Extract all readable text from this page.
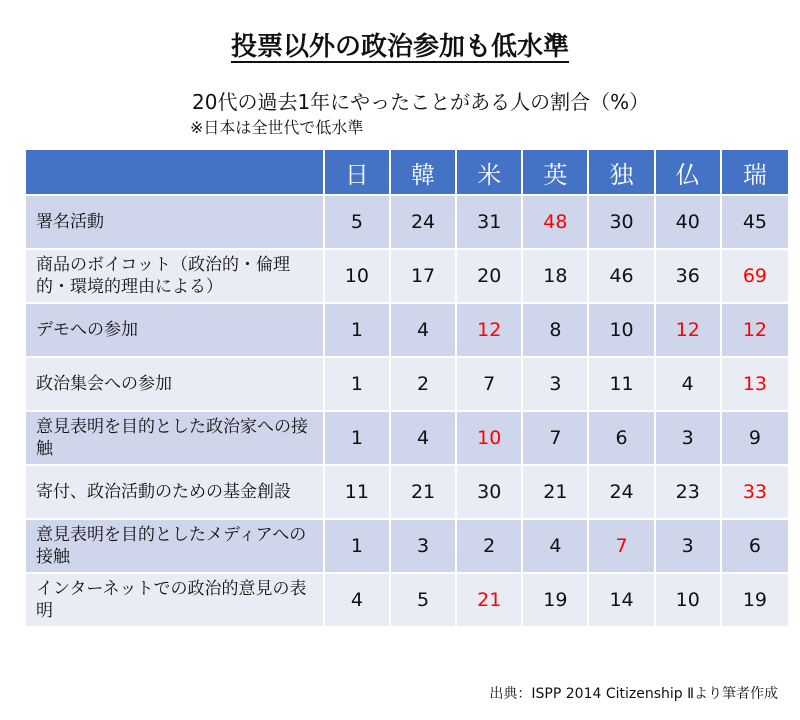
投票以外の政治参加も低水準
20代の過去1年にやったことがある人の割合（%）
※日本は全世代で低水準
	日	韓	米	英	独	仏	瑞
署名活動	5	24	31	48	30	40	45
商品のボイコット（政治的・倫理的・環境的理由による）	10	17	20	18	46	36	69
デモへの参加	1	4	12	8	10	12	12
政治集会への参加	1	2	7	3	11	4	13
意見表明を目的とした政治家への接触	1	4	10	7	6	3	9
寄付、政治活動のための基金創設	11	21	30	21	24	23	33
意見表明を目的としたメディアへの接触	1	3	2	4	7	3	6
インターネットでの政治的意見の表明	4	5	21	19	14	10	19
出典：ISPP 2014 Citizenship Ⅱより筆者作成
